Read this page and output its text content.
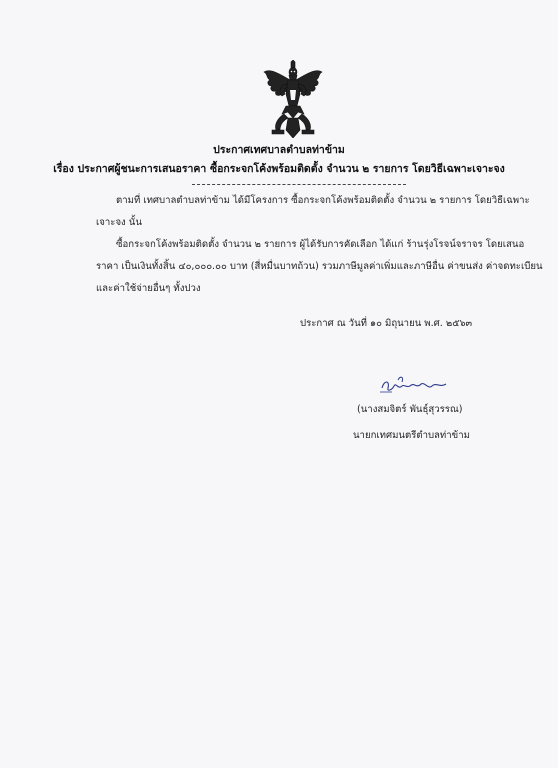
ประกาศเทศบาลตำบลท่าข้าม
เรื่อง ประกาศผู้ชนะการเสนอราคา ซื้อกระจกโค้งพร้อมติดตั้ง จำนวน ๒ รายการ โดยวิธีเฉพาะเจาะจง
ตามที่ เทศบาลตำบลท่าข้าม ได้มีโครงการ ซื้อกระจกโค้งพร้อมติดตั้ง จำนวน ๒ รายการ โดยวิธีเฉพาะ
เจาะจง นั้น
ซื้อกระจกโค้งพร้อมติดตั้ง จำนวน ๒ รายการ ผู้ได้รับการคัดเลือก ได้แก่ ร้านรุ่งโรจน์จราจร โดยเสนอ
ราคา เป็นเงินทั้งสิ้น ๔๐,๐๐๐.๐๐ บาท (สี่หมื่นบาทถ้วน) รวมภาษีมูลค่าเพิ่มและภาษีอื่น ค่าขนส่ง ค่าจดทะเบียน
และค่าใช้จ่ายอื่นๆ ทั้งปวง
ประกาศ ณ วันที่ ๑๐ มิถุนายน พ.ศ. ๒๕๖๓
(นางสมจิตร์ พันธุ์สุวรรณ)
นายกเทศมนตรีตำบลท่าข้าม
